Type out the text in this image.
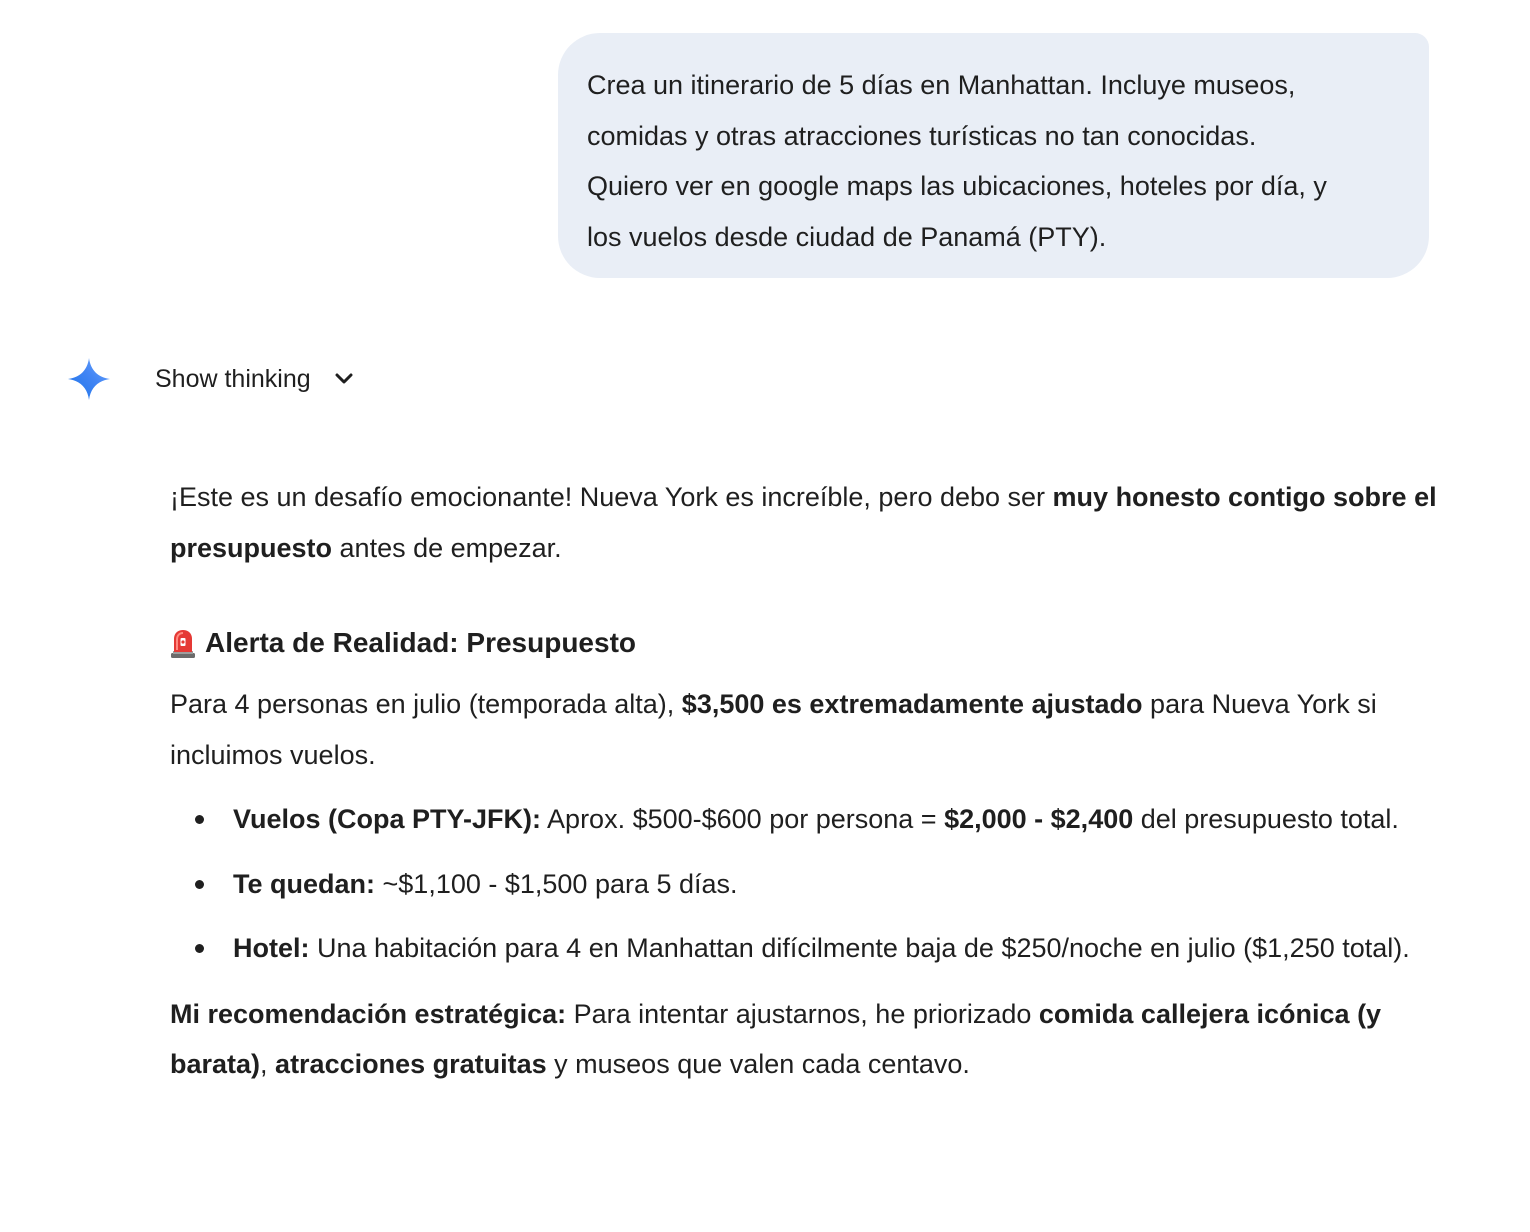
Crea un itinerario de 5 días en Manhattan. Incluye museos,
comidas y otras atracciones turísticas no tan conocidas.
Quiero ver en google maps las ubicaciones, hoteles por día, y
los vuelos desde ciudad de Panamá (PTY).
Show thinking

¡Este es un desafío emocionante! Nueva York es increíble, pero debo ser muy honesto contigo sobre el presupuesto antes de empezar.

Alerta de Realidad: Presupuesto

Para 4 personas en julio (temporada alta), $3,500 es extremadamente ajustado para Nueva York si incluimos vuelos.

Vuelos (Copa PTY-JFK): Aprox. $500-$600 por persona = $2,000 - $2,400 del presupuesto total.
Te quedan: ~$1,100 - $1,500 para 5 días.
Hotel: Una habitación para 4 en Manhattan difícilmente baja de $250/noche en julio ($1,250 total).

Mi recomendación estratégica: Para intentar ajustarnos, he priorizado comida callejera icónica (y barata), atracciones gratuitas y museos que valen cada centavo.
